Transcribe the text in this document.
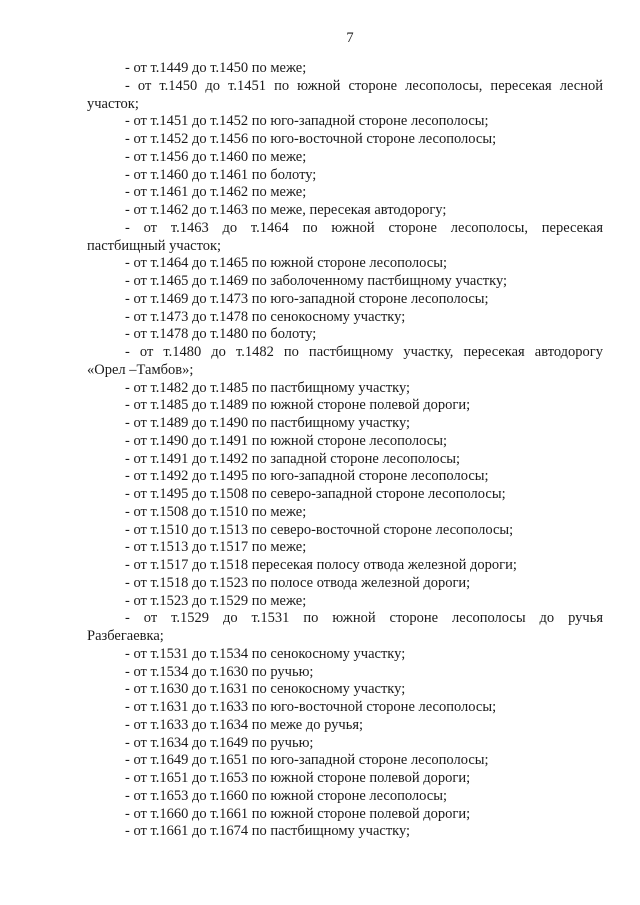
7
- от т.1449 до т.1450 по меже;
- от т.1450 до т.1451 по южной стороне лесополосы, пересекая лесной
участок;
- от т.1451 до т.1452 по юго-западной стороне лесополосы;
- от т.1452 до т.1456 по юго-восточной стороне лесополосы;
- от т.1456 до т.1460 по меже;
- от т.1460 до т.1461 по болоту;
- от т.1461 до т.1462 по меже;
- от т.1462 до т.1463 по меже, пересекая автодорогу;
- от т.1463 до т.1464 по южной стороне лесополосы, пересекая
пастбищный участок;
- от т.1464 до т.1465 по южной стороне лесополосы;
- от т.1465 до т.1469 по заболоченному пастбищному участку;
- от т.1469 до т.1473 по юго-западной стороне лесополосы;
- от т.1473 до т.1478 по сенокосному участку;
- от т.1478 до т.1480 по болоту;
- от т.1480 до т.1482 по пастбищному участку, пересекая автодорогу
«Орел –Тамбов»;
- от т.1482 до т.1485 по пастбищному участку;
- от т.1485 до т.1489 по южной стороне полевой дороги;
- от т.1489 до т.1490 по пастбищному участку;
- от т.1490 до т.1491 по южной стороне лесополосы;
- от т.1491 до т.1492 по западной стороне лесополосы;
- от т.1492 до т.1495 по юго-западной стороне лесополосы;
- от т.1495 до т.1508 по северо-западной стороне лесополосы;
- от т.1508 до т.1510 по меже;
- от т.1510 до т.1513 по северо-восточной стороне лесополосы;
- от т.1513 до т.1517 по меже;
- от т.1517 до т.1518 пересекая полосу отвода железной дороги;
- от т.1518 до т.1523 по полосе отвода железной дороги;
- от т.1523 до т.1529 по меже;
- от т.1529 до т.1531 по южной стороне лесополосы до ручья
Разбегаевка;
- от т.1531 до т.1534 по сенокосному участку;
- от т.1534 до т.1630 по ручью;
- от т.1630 до т.1631 по сенокосному участку;
- от т.1631 до т.1633 по юго-восточной стороне лесополосы;
- от т.1633 до т.1634 по меже до ручья;
- от т.1634 до т.1649 по ручью;
- от т.1649 до т.1651 по юго-западной стороне лесополосы;
- от т.1651 до т.1653 по южной стороне полевой дороги;
- от т.1653 до т.1660 по южной стороне лесополосы;
- от т.1660 до т.1661 по южной стороне полевой дороги;
- от т.1661 до т.1674 по пастбищному участку;
